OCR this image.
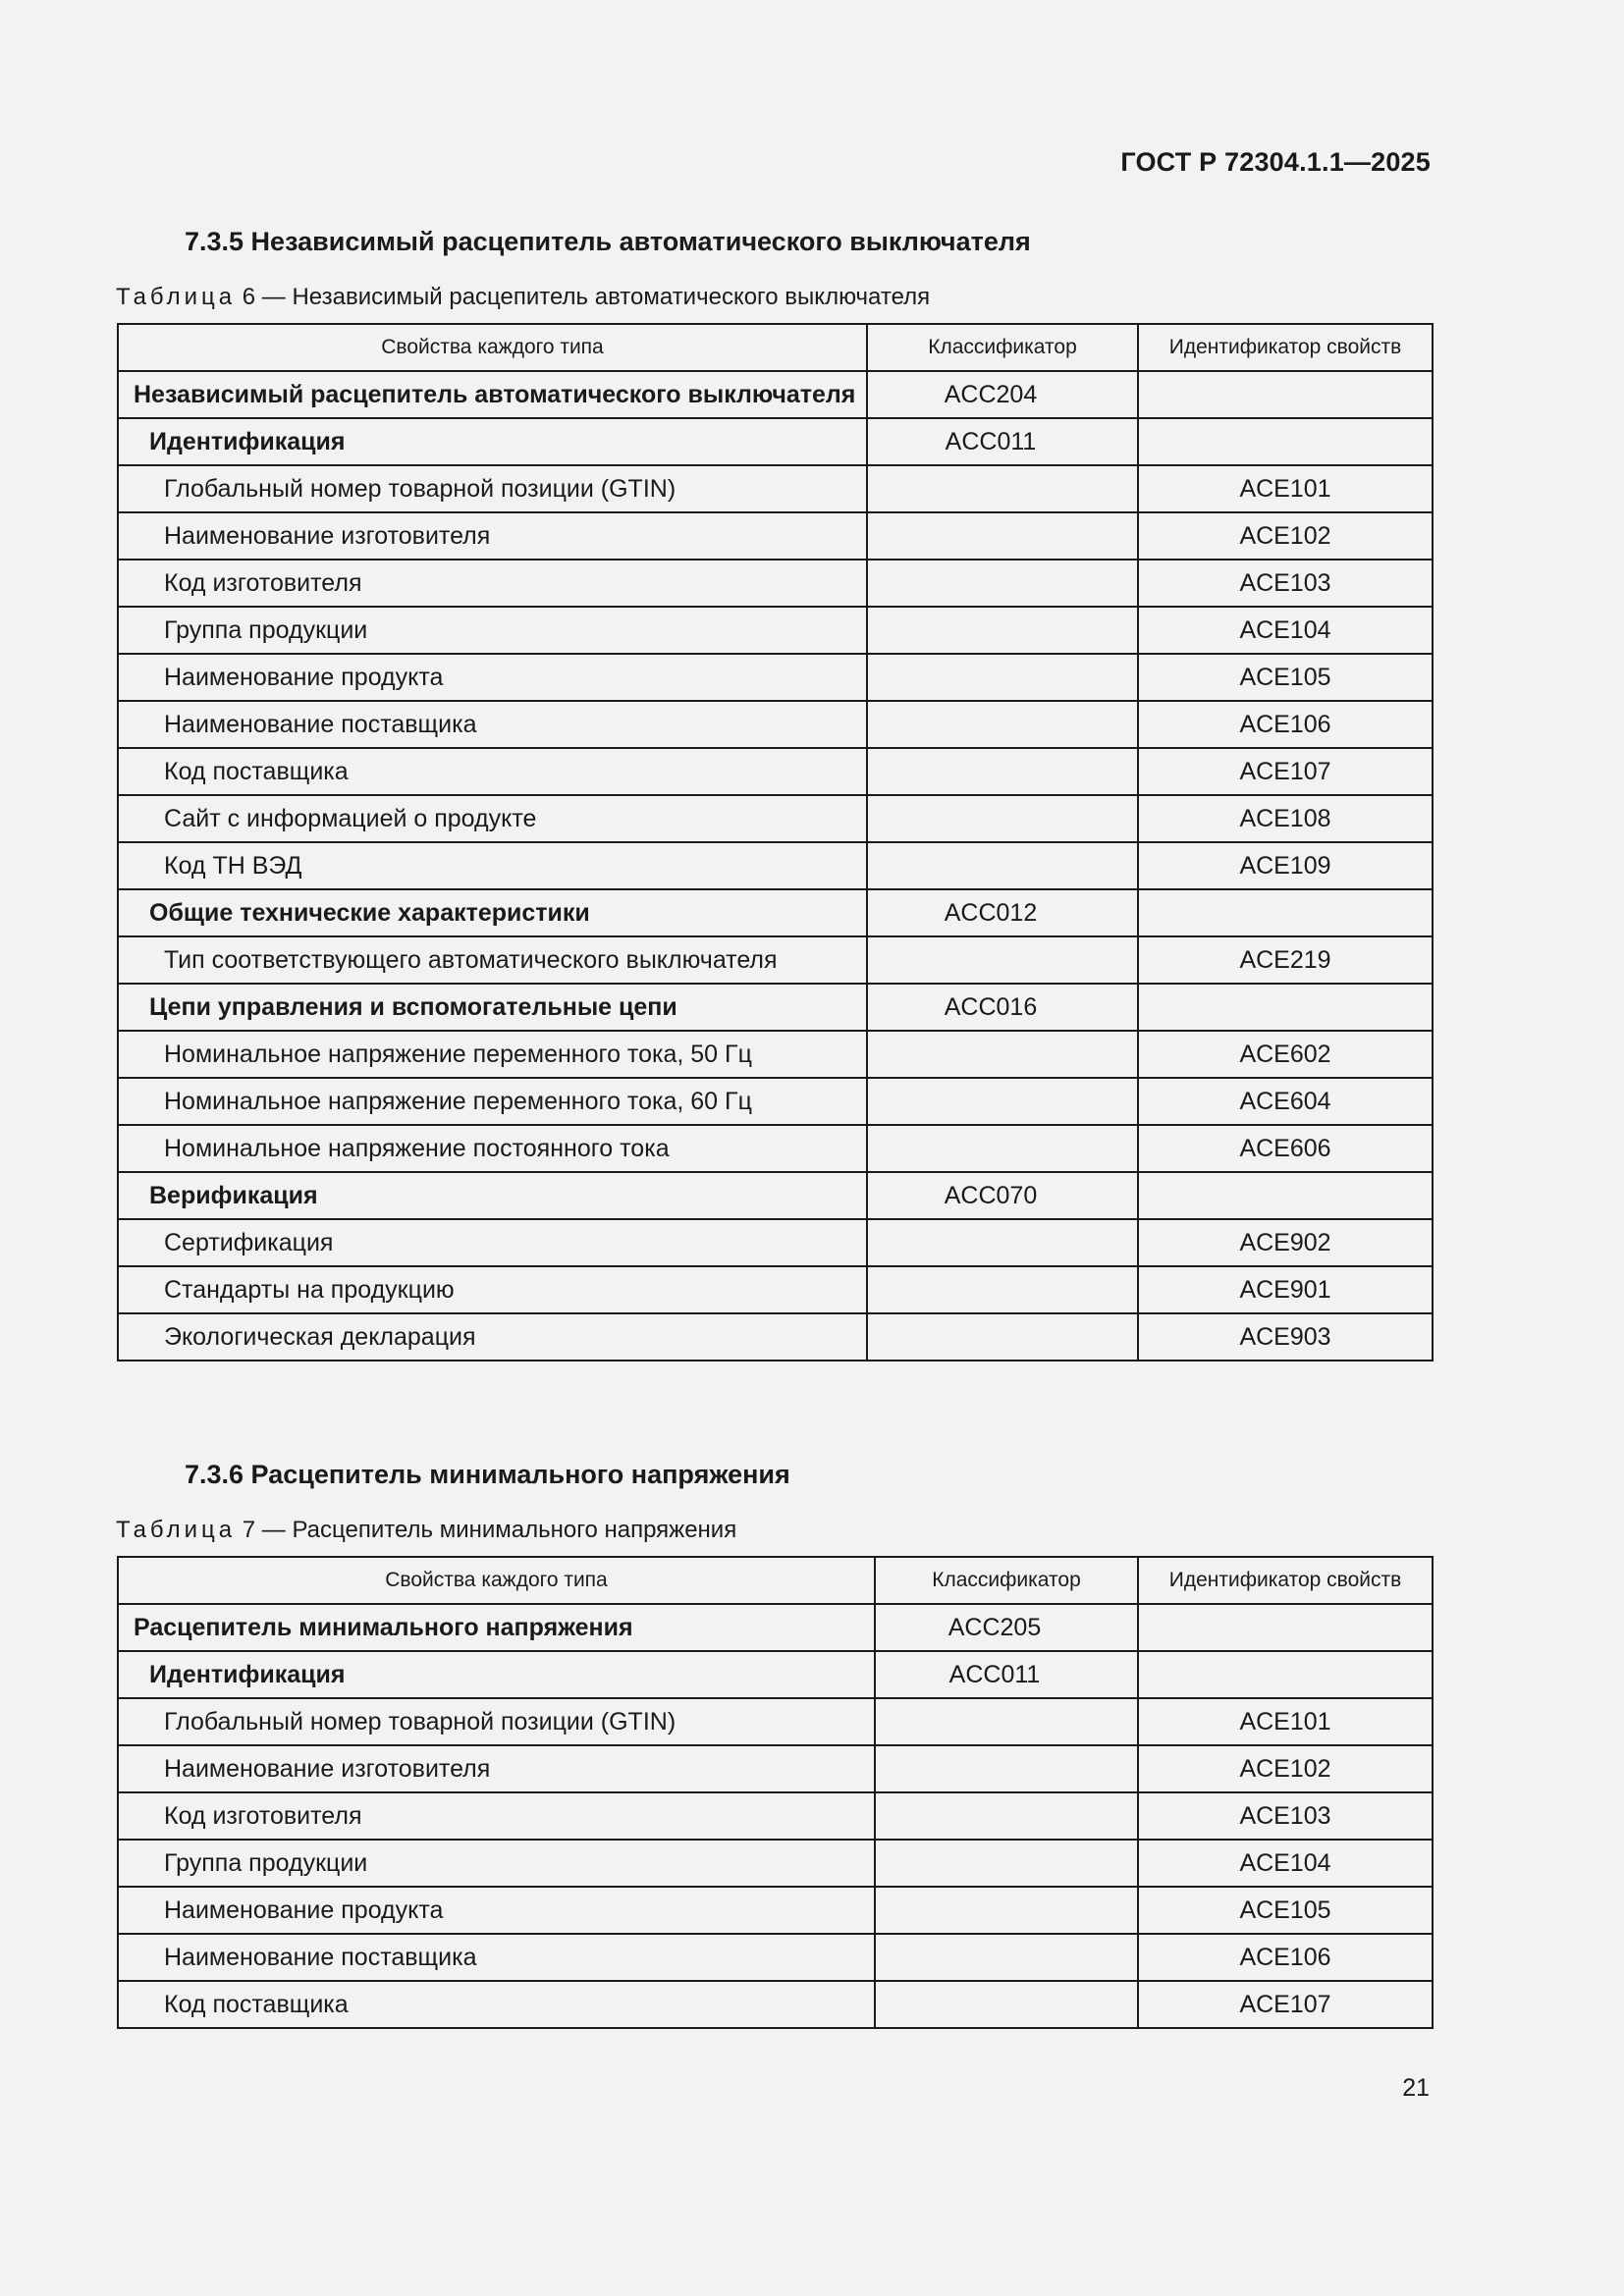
ГОСТ Р 72304.1.1—2025
7.3.5 Независимый расцепитель автоматического выключателя
Таблица 6 — Независимый расцепитель автоматического выключателя
Свойства каждого типа	Классификатор	Идентификатор свойств
Независимый расцепитель автоматического выключателя	ACC204	
Идентификация	ACC011	
Глобальный номер товарной позиции (GTIN)		ACE101
Наименование изготовителя		ACE102
Код изготовителя		ACE103
Группа продукции		ACE104
Наименование продукта		ACE105
Наименование поставщика		ACE106
Код поставщика		ACE107
Сайт с информацией о продукте		ACE108
Код ТН ВЭД		ACE109
Общие технические характеристики	ACC012	
Тип соответствующего автоматического выключателя		ACE219
Цепи управления и вспомогательные цепи	ACC016	
Номинальное напряжение переменного тока, 50 Гц		ACE602
Номинальное напряжение переменного тока, 60 Гц		ACE604
Номинальное напряжение постоянного тока		ACE606
Верификация	ACC070	
Сертификация		ACE902
Стандарты на продукцию		ACE901
Экологическая декларация		ACE903
7.3.6 Расцепитель минимального напряжения
Таблица 7 — Расцепитель минимального напряжения
Свойства каждого типа	Классификатор	Идентификатор свойств
Расцепитель минимального напряжения	ACC205	
Идентификация	ACC011	
Глобальный номер товарной позиции (GTIN)		ACE101
Наименование изготовителя		ACE102
Код изготовителя		ACE103
Группа продукции		ACE104
Наименование продукта		ACE105
Наименование поставщика		ACE106
Код поставщика		ACE107
21
